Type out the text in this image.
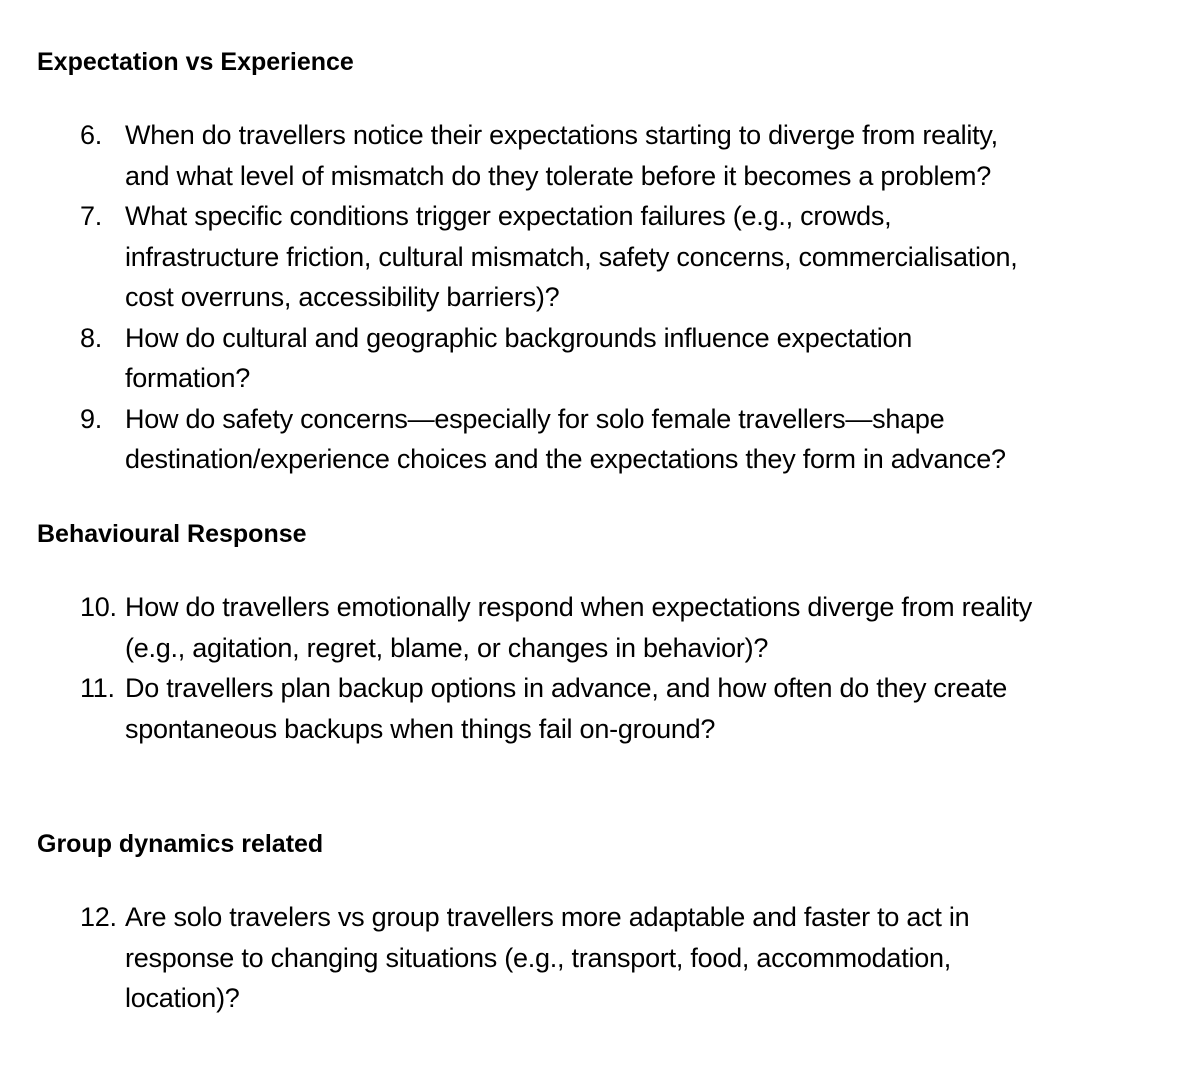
Expectation vs Experience
6. When do travellers notice their expectations starting to diverge from reality,
and what level of mismatch do they tolerate before it becomes a problem?
7. What specific conditions trigger expectation failures (e.g., crowds,
infrastructure friction, cultural mismatch, safety concerns, commercialisation,
cost overruns, accessibility barriers)?
8. How do cultural and geographic backgrounds influence expectation
formation?
9. How do safety concerns—especially for solo female travellers—shape
destination/experience choices and the expectations they form in advance?
Behavioural Response
10. How do travellers emotionally respond when expectations diverge from reality
(e.g., agitation, regret, blame, or changes in behavior)?
11. Do travellers plan backup options in advance, and how often do they create
spontaneous backups when things fail on-ground?
Group dynamics related
12. Are solo travelers vs group travellers more adaptable and faster to act in
response to changing situations (e.g., transport, food, accommodation,
location)?
